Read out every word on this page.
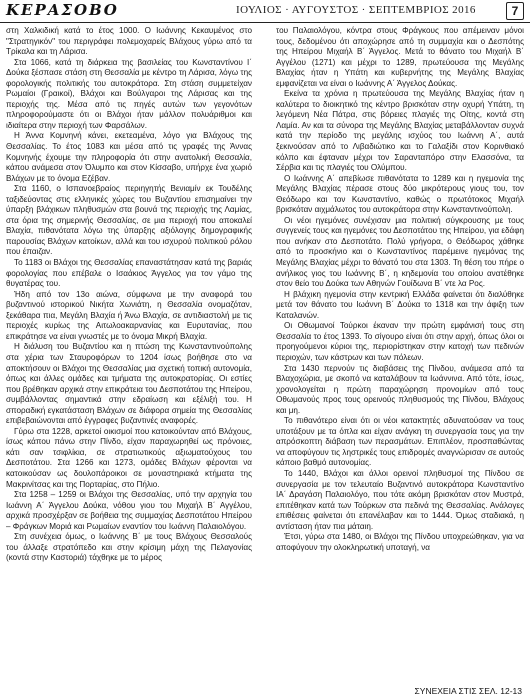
ΚΕΡΑΣΟΒΟ	ΙΟΥΛΙΟΣ · ΑΥΓΟΥΣΤΟΣ · ΣΕΠΤΕΜΒΡΙΟΣ 2016	7

στη Χαλκιδική κατά το έτος 1000. Ο Ιωάννης Κεκαυμένος στο "Στρατηγικόν" του περιγράφει πολεμοχαρείς Βλάχους γύρω από τα Τρίκαλα και τη Λάρισα.

Στα 1066, κατά τη διάρκεια της βασιλείας του Κωνσταντίνου Ι΄ Δούκα ξέσπασε στάση στη Θεσσαλία με κέντρο τη Λάρισα, λόγω της φορολογικής πολιτικής του αυτοκράτορα. Στη στάση συμμετείχαν Ρωμαίοι (Γραικοί), Βλάχοι και Βούλγαροι της Λάρισας και της περιοχής της. Μέσα από τις πηγές αυτών των γεγονότων πληροφορούμαστε ότι οι Βλάχοι ήταν μάλλον πολυάριθμοι και ιδιαίτερα στην περιοχή των Φαρσάλων.

Η Άννα Κομνηνή κάνει, εκετεαμένα, λόγο για Βλάχους της Θεσσαλίας. Το έτος 1083 και μέσα από τις γραφές της Άννας Κομνηνής έχουμε την πληροφορία ότι στην ανατολική Θεσσαλία, κάπου ανάμεσα στον Όλυμπο και στον Κίσσαβο, υπήρχε ένα χωριό Βλάχων με το όνομα Εζέβαν.

Στα 1160, ο Ισπανοεβραίος περιηγητής Βενιαμίν εκ Τουδέλης ταξιδεύοντας στις ελληνικές χώρες του Βυζαντίου επισημαίνει την ύπαρξη βλάχικων πληθυσμών στα βουνά της περιοχής της Λαμίας, στα όρια της σημερινής Θεσσαλίας, σε μια περιοχή που αποκαλεί Βλαχία, πιθανότατα λόγω της ύπαρξης αξιόλογης δημογραφικής παρουσίας Βλάχων κατοίκων, αλλά και του ισχυρού πολιτικού ρόλου που έπαιζαν.

Το 1183 οι Βλάχοι της Θεσσαλίας επαναστάτησαν κατά της βαριάς φορολογίας που επέβαλε ο Ισαάκιος Άγγελος για τον γάμο της θυγατέρας του.

Ήδη από τον 13ο αιώνα, σύμφωνα με την αναφορά του βυζαντινού ιστορικού Νικήτα Χωνιάτη, η Θεσσαλία ονομαζόταν, ξεκάθαρα πια, Μεγάλη Βλαχία ή Άνω Βλαχία, σε αντιδιαστολή με τις περιοχές κυρίως της Αιτωλοακαρνανίας και Ευρυτανίας, που επικράτησε να είναι γνωστές με το όνομα Μικρή Βλαχία.

Η διάλυση του Βυζαντίου και η πτώση της Κωνσταντινούπολης στα χέρια των Σταυροφόρων το 1204 ίσως βοήθησε στο να αποκτήσουν οι Βλάχοι της Θεσσαλίας μια σχετική τοπική αυτονομία, όπως και άλλες ομάδες και τμήματα της αυτοκρατορίας. Οι εστίες που βρέθηκαν αρχικά στην επικράτεια του Δεσποτάτου της Ηπείρου, συμβάλλοντας σημαντικά στην εδραίωση και εξέλιξή του. Η σποραδική εγκατάσταση Βλάχων σε διάφορα σημεία της Θεσσαλίας επιβεβαιώνονται από έγγραφες βυζαντινές αναφορές.

Γύρω στα 1228, αρκετοί οικισμοί που κατοικούνταν από Βλάχους, ίσως κάπου πάνω στην Πίνδο, είχαν παραχωρηθεί ως πρόνοιες, κάτι σαν τσιφλίκια, σε στρατιωτικούς αξιωματούχους του Δεσποτάτου. Στα 1266 και 1273, ομάδες Βλάχων φέρονται να κατοικούσαν ως δουλοπάροικοι σε μοναστηριακά κτήματα της Μακρινίτσας και της Πορταρίας, στο Πήλιο.

Στα 1258 – 1259 οι Βλάχοι της Θεσσαλίας, υπό την αρχηγία του Ιωάννη Α΄ Άγγελου Δούκα, νόθου γιου του Μιχαήλ Β΄ Αγγέλου, αρχικά προσχέρξαν σε βοήθεια της συμμαχίας Δεσποτάτου Ηπείρου – Φράγκων Μοριά και Ρωμαίων εναντίον του Ιωάννη Παλαιολόγου.

Στη συνέχεια όμως, ο Ιωάννης Β΄ με τους Βλάχους Θεσσαλούς του άλλαξε στρατόπεδο και στην κρίσιμη μάχη της Πελαγονίας (κοντά στην Καστοριά) τάχθηκε με το μέρος

του Παλαιολόγου, κόντρα στους Φράγκους που απέμειναν μόνοι τους, δεδομένου ότι αποχώρησε από τη συμμαχία και ο Δεσπότης της Ηπείρου Μιχαήλ Β΄ Άγγελος. Μετά το θάνατο του Μιχαήλ Β΄ Αγγέλου (1271) και μέχρι το 1289, πρωτεύουσα της Μεγάλης Βλαχίας ήταν η Υπάτη και κυβερνήτης της Μεγάλης Βλαχίας εμφανίζεται να είναι ο Ιωάννης Α΄ Άγγελος Δούκας.

Εκείνα τα χρόνια η πρωτεύουσα της Μεγάλης Βλαχίας ήταν η καλύτερα το διοικητικό της κέντρο βρισκόταν στην οχυρή Υπάτη, τη λεγόμενη Νέα Πάτρα, στις βόρειες πλαγιές της Οίτης, κοντά στη Λαμία. Αν και τα σύνορα της Μεγάλης Βλαχίας μεταβάλλονταν συχνά κατά την περίοδο της μεγάλης ισχύος του Ιωάννη Α΄, αυτά ξεκινούσαν από το Λιβαδιώτικο και το Γαλαξίδι στον Κορινθιακό κόλπο και έφταναν μέχρι τον Σαρανταπόρο στην Ελασσόνα, τα Σέρβια και τις πλαγιές του Ολύμπου.

Ο Ιωάννης Α΄ απεβίωσε πιθανότατα το 1289 και η ηγεμονία της Μεγάλης Βλαχίας πέρασε στους δύο μικρότερους γιους του, τον Θεόδωρο και τον Κωνσταντίνο, καθώς ο πρωτότοκος Μιχαήλ βρισκόταν αιχμάλωτος του αυτοκράτορα στην Κωνσταντινούπολη.

Οι νέοι ηγεμόνες συνέχισαν μια πολιτική σύγκρουσης με τους συγγενείς τους και ηγεμόνες του Δεσποτάτου της Ηπείρου, για εδάφη που ανήκαν στο Δεσποτάτο. Πολύ γρήγορα, ο Θεόδωρος χάθηκε από το προσκήνιο και ο Κωνσταντίνος παρέμεινε ηγεμόνας της Μεγάλης Βλαχίας μέχρι το θάνατό του στα 1303. Τη θέση του πήρε ο ανήλικος γιος του Ιωάννης Β΄, η κηδεμονία του οποίου ανατέθηκε στον θείο του Δούκα των Αθηνών Γουίδωνα Β΄ ντε λα Ρος.

Η βλάχικη ηγεμονία στην κεντρική Ελλάδα φαίνεται ότι διαλύθηκε μετά τον θάνατο του Ιωάννη Β΄ Δούκα το 1318 και την άφιξη των Καταλανών.

Οι Οθωμανοί Τούρκοι έκαναν την πρώτη εμφάνισή τους στη Θεσσαλία το έτος 1393. Το σίγουρο είναι ότι στην αρχή, όπως όλοι οι προηγούμενοι κύριοι της, περιορίστηκαν στην κατοχή των πεδινών περιοχών, των κάστρων και των πόλεων.

Στα 1430 περνούν τις διαβάσεις της Πίνδου, ανάμεσα από τα Βλαχοχώρια, με σκοπό να καταλάβουν τα Ιωάννινα. Από τότε, ίσως, χρονολογείται η πρώτη παραχώρηση προνομίων από τους Οθωμανούς προς τους ορεινούς πληθυσμούς της Πίνδου, Βλάχους και μη.

Το πιθανότερο είναι ότι οι νέοι κατακτητές αδυνατούσαν να τους υποτάξουν με τα όπλα και είχαν ανάγκη τη συνεργασία τους για την απρόσκοπτη διάβαση των περασμάτων. Επιπλέον, προσπαθώντας να αποφύγουν τις ληστρικές τους επιδρομές αναγνώρισαν σε αυτούς κάποιο βαθμό αυτονομίας.

Το 1440, Βλάχοι και άλλοι ορεινοί πληθυσμοί της Πίνδου σε συνεργασία με τον τελευταίο Βυζαντινό αυτοκράτορα Κωνσταντίνο ΙΑ΄ Δραγάση Παλαιολόγο, που τότε ακόμη βρισκόταν στον Μυστρά, επιτέθηκαν κατά των Τούρκων στα πεδινά της Θεσσαλίας. Ανάλογες επιθέσεις φαίνεται ότι επανέλαβαν και το 1444. Όμως σταδιακά, η αντίσταση ήταν πια μάταιη.

Έτσι, γύρω στα 1480, οι Βλάχοι της Πίνδου υποχρεώθηκαν, για να αποφύγουν την ολοκληρωτική υποταγή, να

ΣΥΝΕΧΕΙΑ ΣΤΙΣ ΣΕΛ. 12-13
